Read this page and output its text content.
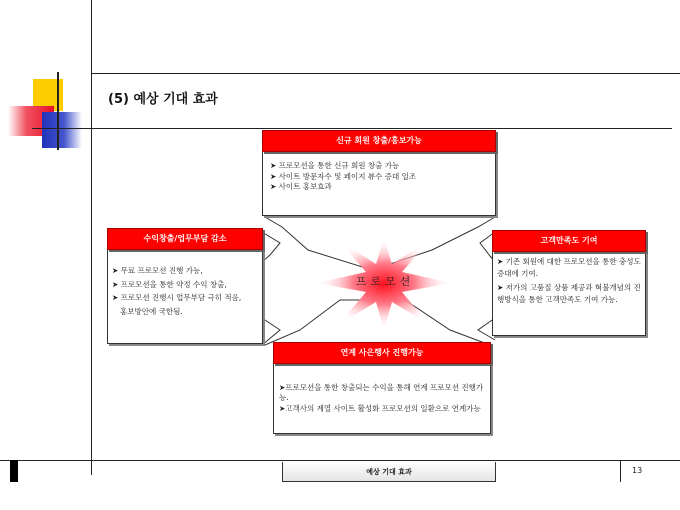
(5) 예상 기대 효과
프로모션
신규 회원 창출/홍보가능
➤ 프로모션을 통한 신규 회원 창출 가능
➤ 사이트 방문자수 및 페이지 뷰수 증대 일조
➤ 사이트 홍보효과
수익창출/업무부담 감소
➤ 무료 프로모션 진행 가능,
➤ 프로모션을 통한 약정 수익 창출,
➤ 프로모션 진행시 업무부담 극히 적음,
홍보방안에 국한됨.
고객만족도 기여
➤ 기존 회원에 대한 프로모션을 통한 충성도 증대에 기여.
➤ 저가의 고품질 상품 제공과 혁불개념의 진행방식을 통한 고객만족도 기여 가능.
연계 사은행사 진행가능
➤프로모션을 통한 창출되는 수익을 통해 연계 프로모션 진행가능.
➤고객사의 계열 사이트 활성화 프로모션의 일환으로 연계가능
예상 기대 효과	13
